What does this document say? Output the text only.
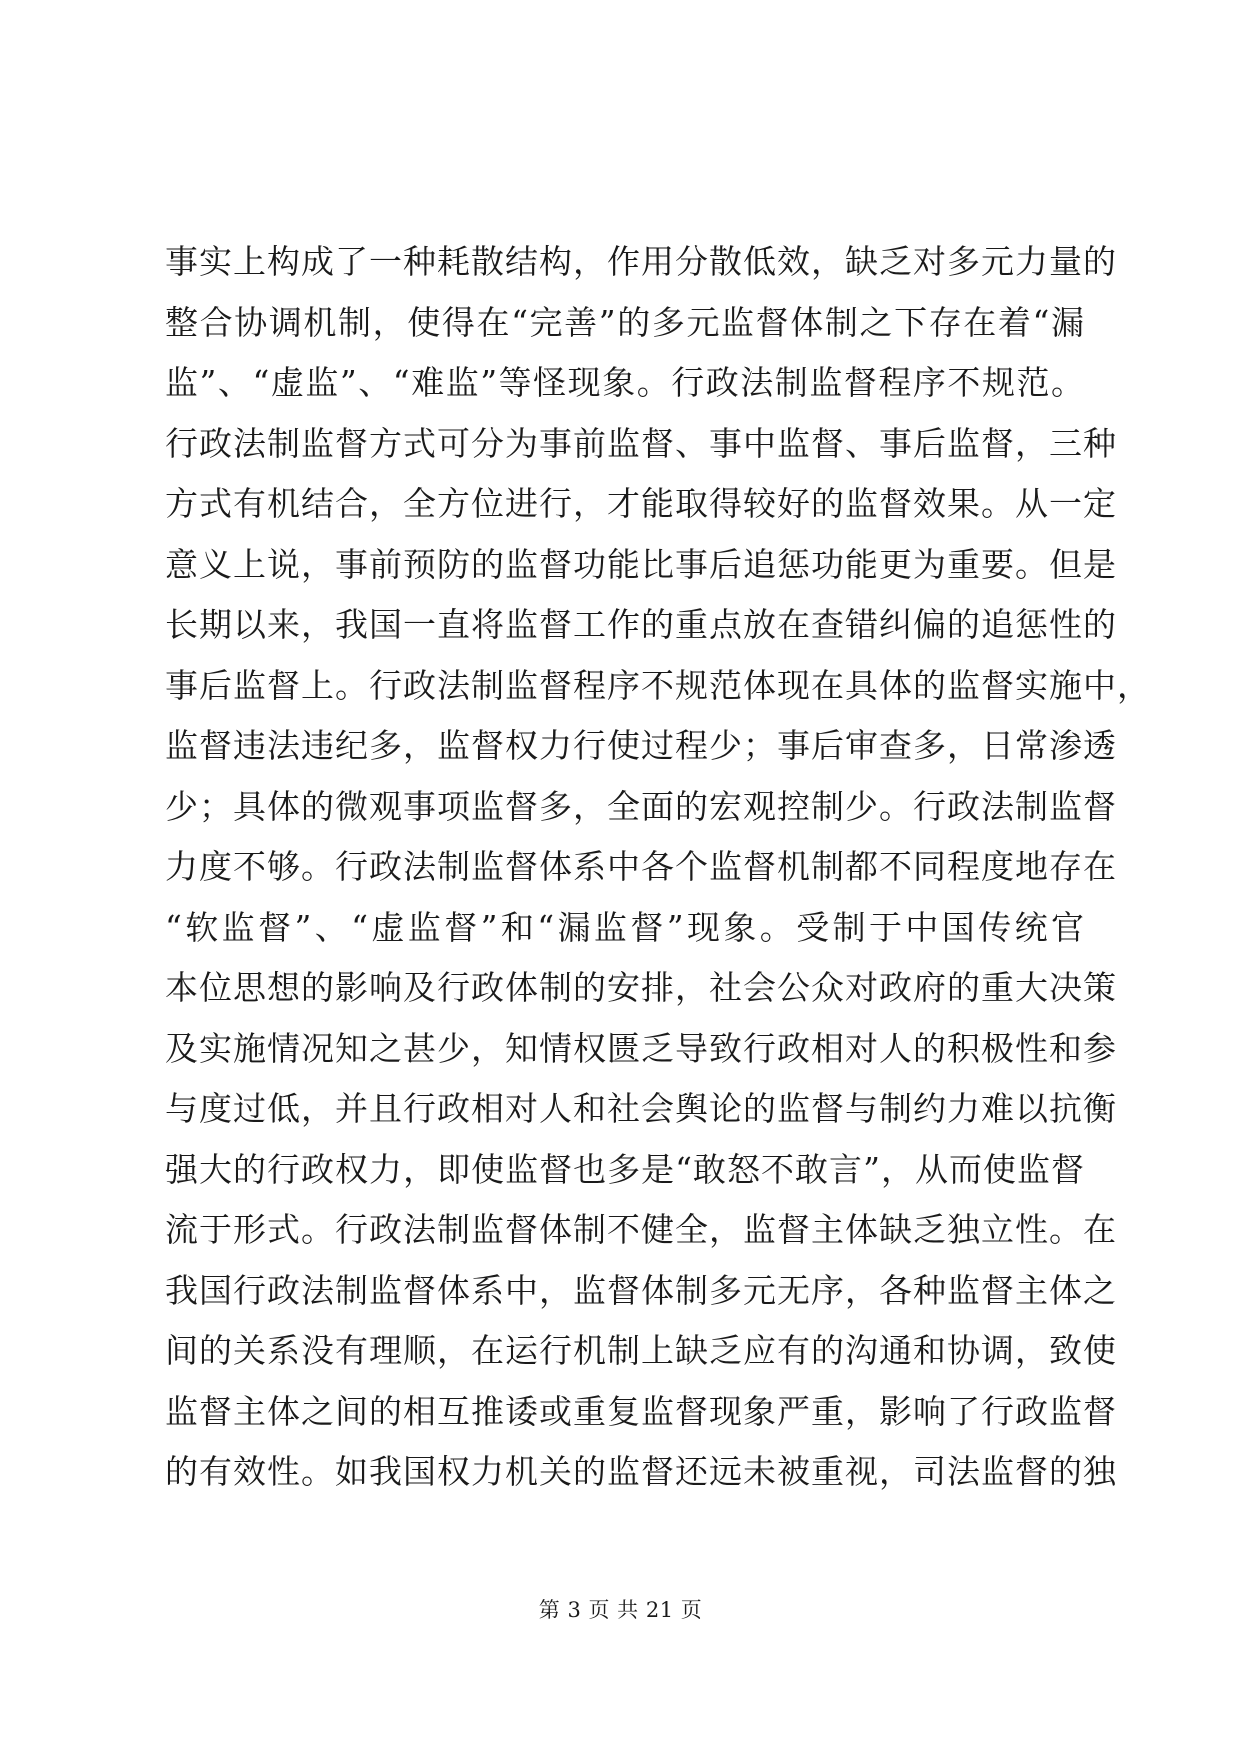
事实上构成了一种耗散结构，作用分散低效，缺乏对多元力量的
整合协调机制，使得在“完善”的多元监督体制之下存在着“漏
监”、“虚监”、“难监”等怪现象。行政法制监督程序不规范。
行政法制监督方式可分为事前监督、事中监督、事后监督，三种
方式有机结合，全方位进行，才能取得较好的监督效果。从一定
意义上说，事前预防的监督功能比事后追惩功能更为重要。但是
长期以来，我国一直将监督工作的重点放在查错纠偏的追惩性的
事后监督上。行政法制监督程序不规范体现在具体的监督实施中，
监督违法违纪多，监督权力行使过程少；事后审查多，日常渗透
少；具体的微观事项监督多，全面的宏观控制少。行政法制监督
力度不够。行政法制监督体系中各个监督机制都不同程度地存在
“软监督”、“虚监督”和“漏监督”现象。受制于中国传统官
本位思想的影响及行政体制的安排，社会公众对政府的重大决策
及实施情况知之甚少，知情权匮乏导致行政相对人的积极性和参
与度过低，并且行政相对人和社会舆论的监督与制约力难以抗衡
强大的行政权力，即使监督也多是“敢怒不敢言”，从而使监督
流于形式。行政法制监督体制不健全，监督主体缺乏独立性。在
我国行政法制监督体系中，监督体制多元无序，各种监督主体之
间的关系没有理顺，在运行机制上缺乏应有的沟通和协调，致使
监督主体之间的相互推诿或重复监督现象严重，影响了行政监督
的有效性。如我国权力机关的监督还远未被重视，司法监督的独
第 3 页 共 21 页
